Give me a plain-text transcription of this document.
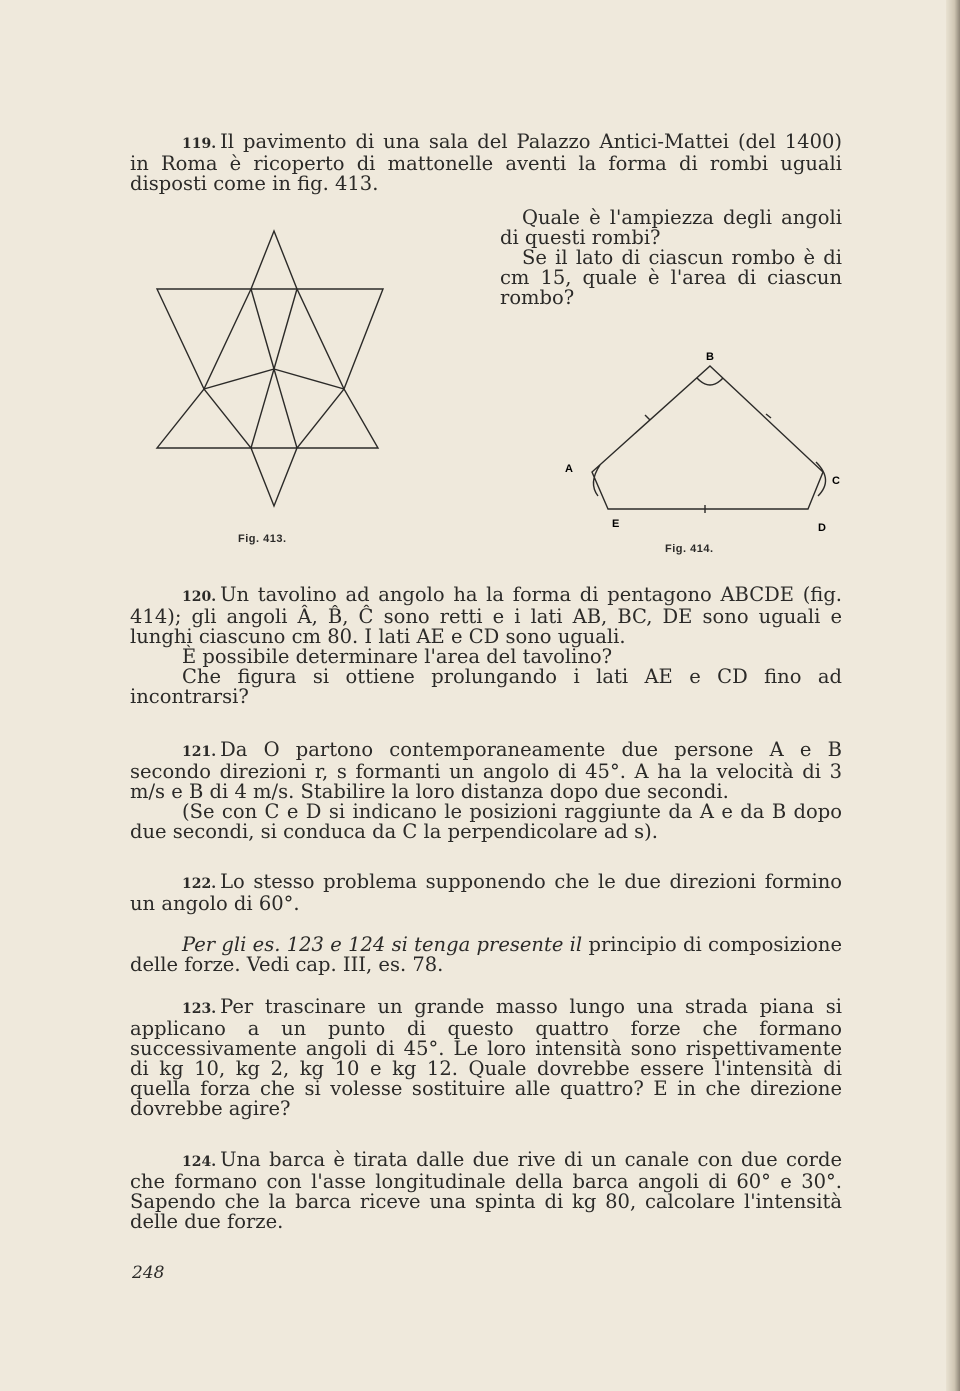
119. Il pavimento di una sala del Palazzo Antici-Mattei (del 1400) in Roma è ricoperto di mattonelle aventi la forma di rombi uguali disposti come in fig. 413.

Quale è l'ampiezza degli angoli di questi rombi?

Se il lato di ciascun rombo è di cm 15, quale è l'area di ciascun rombo?

Fig. 413.
B
A
C
E	D
Fig. 414.

120. Un tavolino ad angolo ha la forma di pentagono ABCDE (fig. 414); gli angoli Â, B̂, Ĉ sono retti e i lati AB, BC, DE sono uguali e lunghi ciascuno cm 80. I lati AE e CD sono uguali.

È possibile determinare l'area del tavolino?

Che figura si ottiene prolungando i lati AE e CD fino ad incontrarsi?

121. Da O partono contemporaneamente due persone A e B secondo direzioni r, s formanti un angolo di 45°. A ha la velocità di 3 m/s e B di 4 m/s. Stabilire la loro distanza dopo due secondi.

(Se con C e D si indicano le posizioni raggiunte da A e da B dopo due secondi, si conduca da C la perpendicolare ad s).

122. Lo stesso problema supponendo che le due direzioni formino un angolo di 60°.

Per gli es. 123 e 124 si tenga presente il principio di composizione delle forze. Vedi cap. III, es. 78.

123. Per trascinare un grande masso lungo una strada piana si applicano a un punto di questo quattro forze che formano successivamente angoli di 45°. Le loro intensità sono rispettivamente di kg 10, kg 2, kg 10 e kg 12. Quale dovrebbe essere l'intensità di quella forza che si volesse sostituire alle quattro? E in che direzione dovrebbe agire?

124. Una barca è tirata dalle due rive di un canale con due corde che formano con l'asse longitudinale della barca angoli di 60° e 30°. Sapendo che la barca riceve una spinta di kg 80, calcolare l'intensità delle due forze.

248
